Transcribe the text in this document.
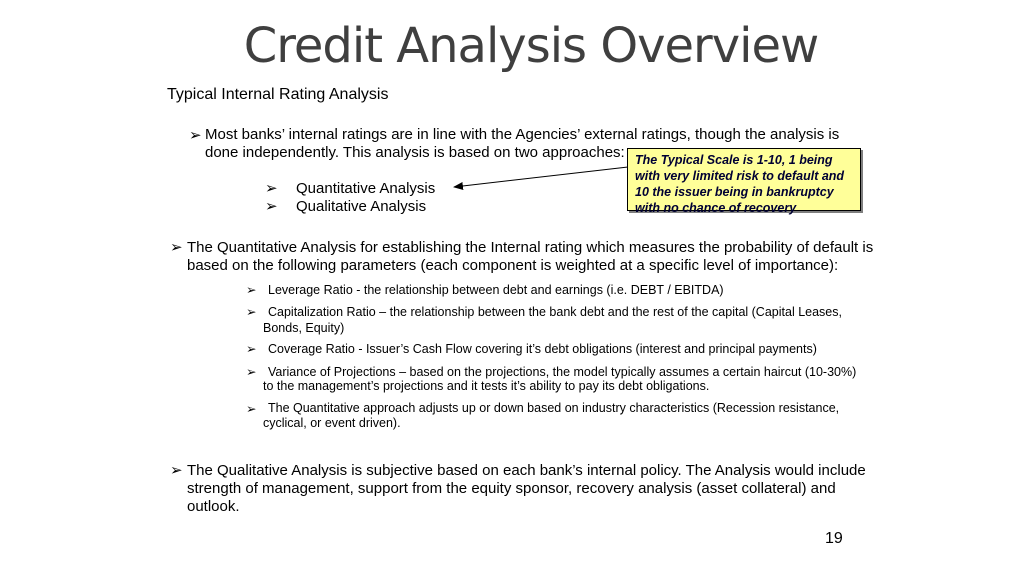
Credit Analysis Overview
Typical Internal Rating Analysis
➢ Most banks’ internal ratings are in line with the Agencies’ external ratings, though the analysis is
done independently. This analysis is based on two approaches:
➢ Quantitative Analysis
➢ Qualitative Analysis
The Typical Scale is 1-10, 1 being
with very limited risk to default and
10 the issuer being in bankruptcy
with no chance of recovery
➢ The Quantitative Analysis for establishing the Internal rating which measures the probability of default is
based on the following parameters (each component is weighted at a specific level of importance):
➢ Leverage Ratio - the relationship between debt and earnings (i.e. DEBT / EBITDA)
➢ Capitalization Ratio – the relationship between the bank debt and the rest of the capital (Capital Leases,
Bonds, Equity)
➢ Coverage Ratio - Issuer’s Cash Flow covering it’s debt obligations (interest and principal payments)
➢ Variance of Projections – based on the projections, the model typically assumes a certain haircut (10-30%)
to the management’s projections and it tests it’s ability to pay its debt obligations.
➢ The Quantitative approach adjusts up or down based on industry characteristics (Recession resistance,
cyclical, or event driven).
➢ The Qualitative Analysis is subjective based on each bank’s internal policy. The Analysis would include
strength of management, support from the equity sponsor, recovery analysis (asset collateral) and
outlook.
19
